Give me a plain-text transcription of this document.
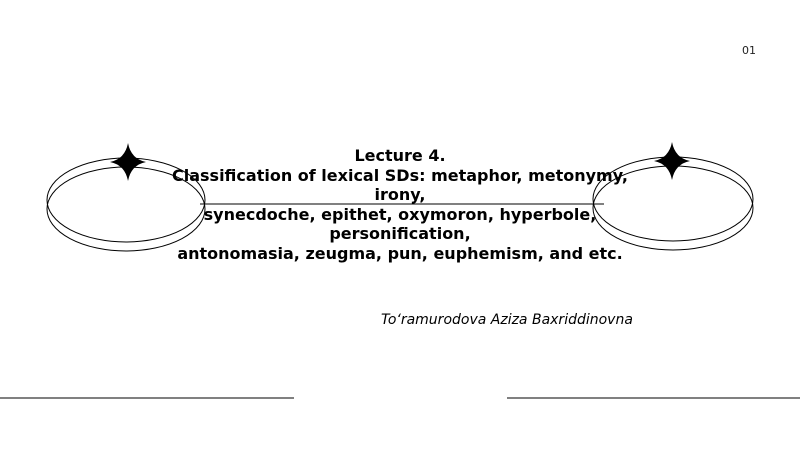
01
Lecture 4.
Classification of lexical SDs: metaphor, metonymy,
irony,
synecdoche, epithet, oxymoron, hyperbole,
personification,
antonomasia, zeugma, pun, euphemism, and etc.
To‘ramurodova Aziza Baxriddinovna
